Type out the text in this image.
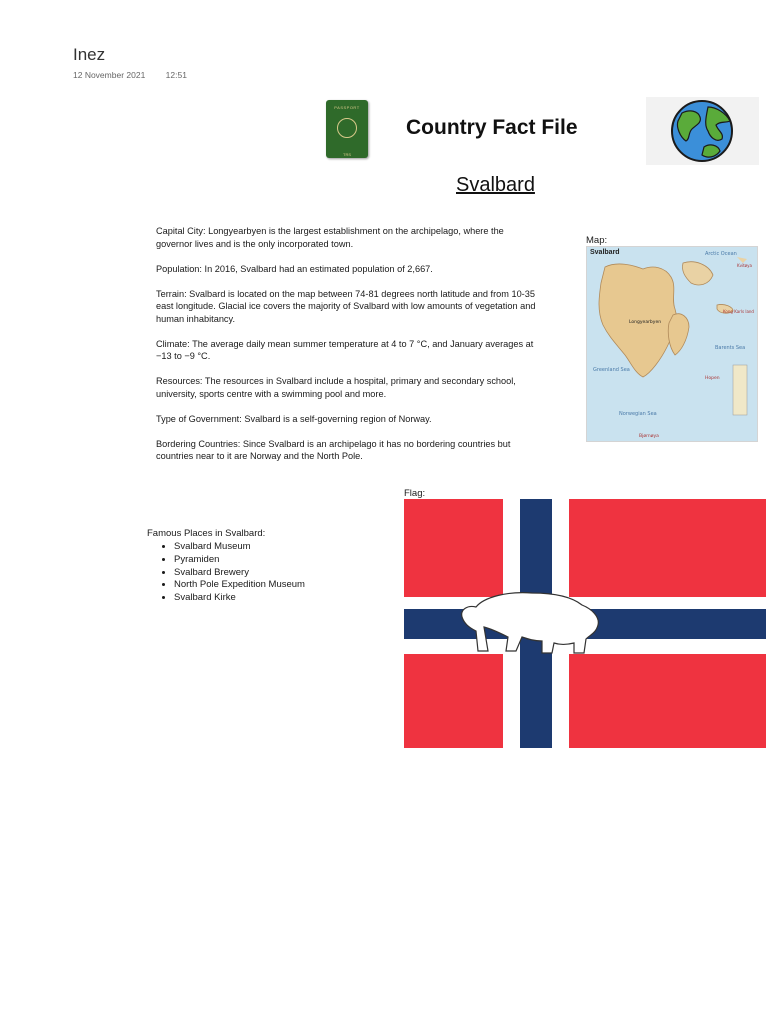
Inez
12 November 2021 12:51
PASSPORT
TRS
Country Fact File
Svalbard

Capital City: Longyearbyen is the largest establishment on the archipelago, where the governor lives and is the only incorporated town.

Population: In 2016, Svalbard had an estimated population of 2,667.

Terrain: Svalbard is located on the map between 74-81 degrees north latitude and from 10-35 east longitude. Glacial ice covers the majority of Svalbard with low amounts of vegetation and human inhabitancy.

Climate: The average daily mean summer temperature at 4 to 7 °C, and January averages at −13 to −9 °C.

Resources: The resources in Svalbard include a hospital, primary and secondary school, university, sports centre with a swimming pool and more.

Type of Government: Svalbard is a self-governing region of Norway.

Bordering Countries: Since Svalbard is an archipelago it has no bordering countries but countries near to it are Norway and the North Pole.

Map:
Arctic Ocean
Barents Sea
Greenland Sea
Norwegian Sea
Longyearbyen
Hopen
Kong Karls land
Kvitøya
Bjørnøya
Svalbard
Flag:
Famous Places in Svalbard:
• Svalbard Museum
• Pyramiden
• Svalbard Brewery
• North Pole Expedition Museum
• Svalbard Kirke
